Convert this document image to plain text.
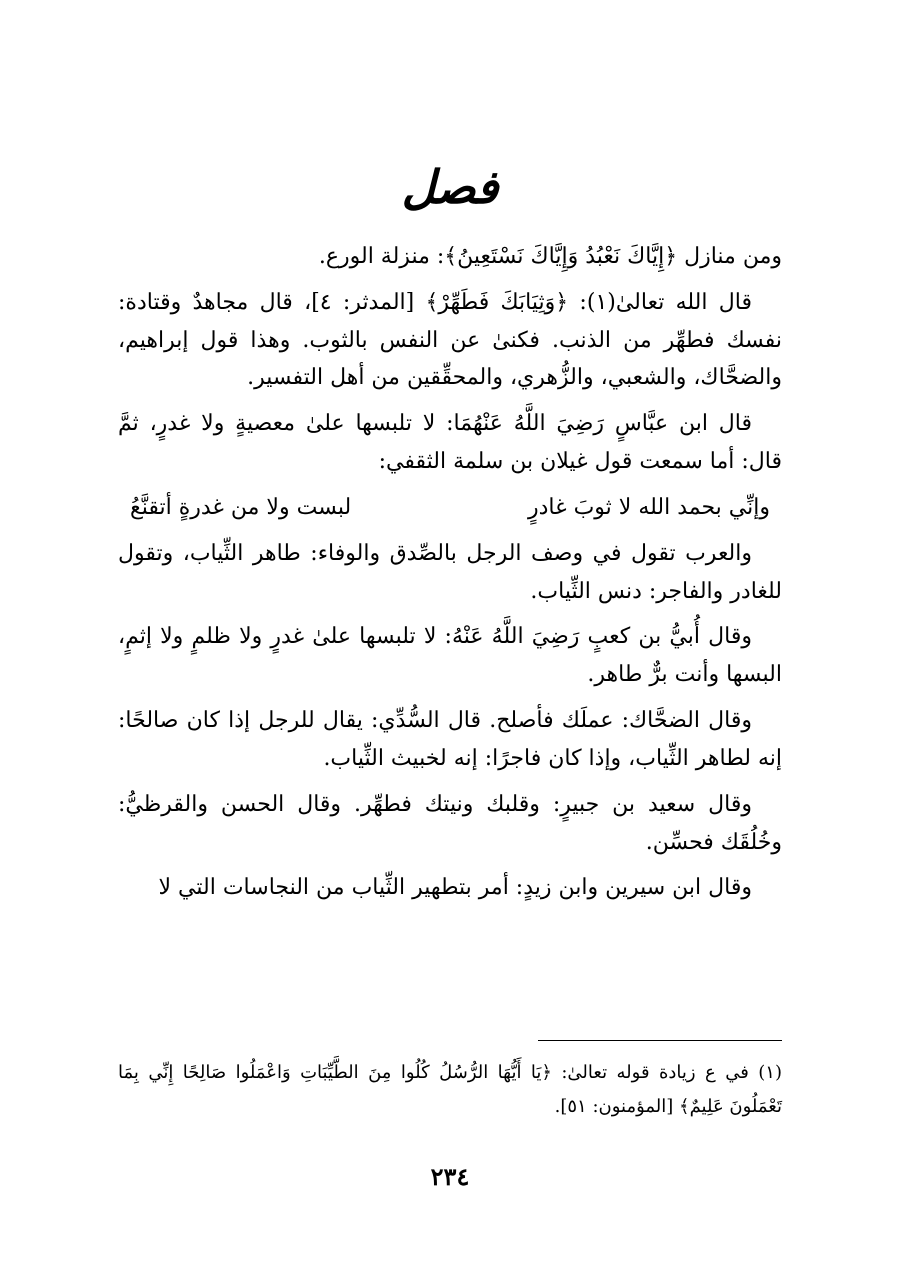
فصل

ومن منازل ﴿إِيَّاكَ نَعْبُدُ وَإِيَّاكَ نَسْتَعِينُ﴾: منزلة الورع.

قال الله تعالىٰ(١): ﴿وَثِيَابَكَ فَطَهِّرْ﴾ [المدثر: ٤]، قال مجاهدٌ وقتادة: نفسك فطهِّر من الذنب. فكنىٰ عن النفس بالثوب. وهذا قول إبراهيم، والضحَّاك، والشعبي، والزُّهري، والمحقِّقين من أهل التفسير.

قال ابن عبَّاسٍ رَضِيَ اللَّهُ عَنْهُمَا: لا تلبسها علىٰ معصيةٍ ولا غدرٍ، ثمَّ قال: أما سمعت قول غيلان بن سلمة الثقفي:

وإنِّي بحمد الله لا ثوبَ غادرٍ
لبست ولا من غدرةٍ أتقنَّعُ

والعرب تقول في وصف الرجل بالصِّدق والوفاء: طاهر الثِّياب، وتقول للغادر والفاجر: دنس الثِّياب.

وقال أُبيُّ بن كعبٍ رَضِيَ اللَّهُ عَنْهُ: لا تلبسها علىٰ غدرٍ ولا ظلمٍ ولا إثمٍ، البسها وأنت برٌّ طاهر.

وقال الضحَّاك: عملَك فأصلح. قال السُّدِّي: يقال للرجل إذا كان صالحًا: إنه لطاهر الثِّياب، وإذا كان فاجرًا: إنه لخبيث الثِّياب.

وقال سعيد بن جبيرٍ: وقلبك ونيتك فطهِّر. وقال الحسن والقرظيُّ: وخُلُقَك فحسِّن.

وقال ابن سيرين وابن زيدٍ: أمر بتطهير الثِّياب من النجاسات التي لا

(١) في ع زيادة قوله تعالىٰ: ﴿يَا أَيُّهَا الرُّسُلُ كُلُوا مِنَ الطَّيِّبَاتِ وَاعْمَلُوا صَالِحًا إِنِّي بِمَا تَعْمَلُونَ عَلِيمٌ﴾ [المؤمنون: ٥١].
٢٣٤
